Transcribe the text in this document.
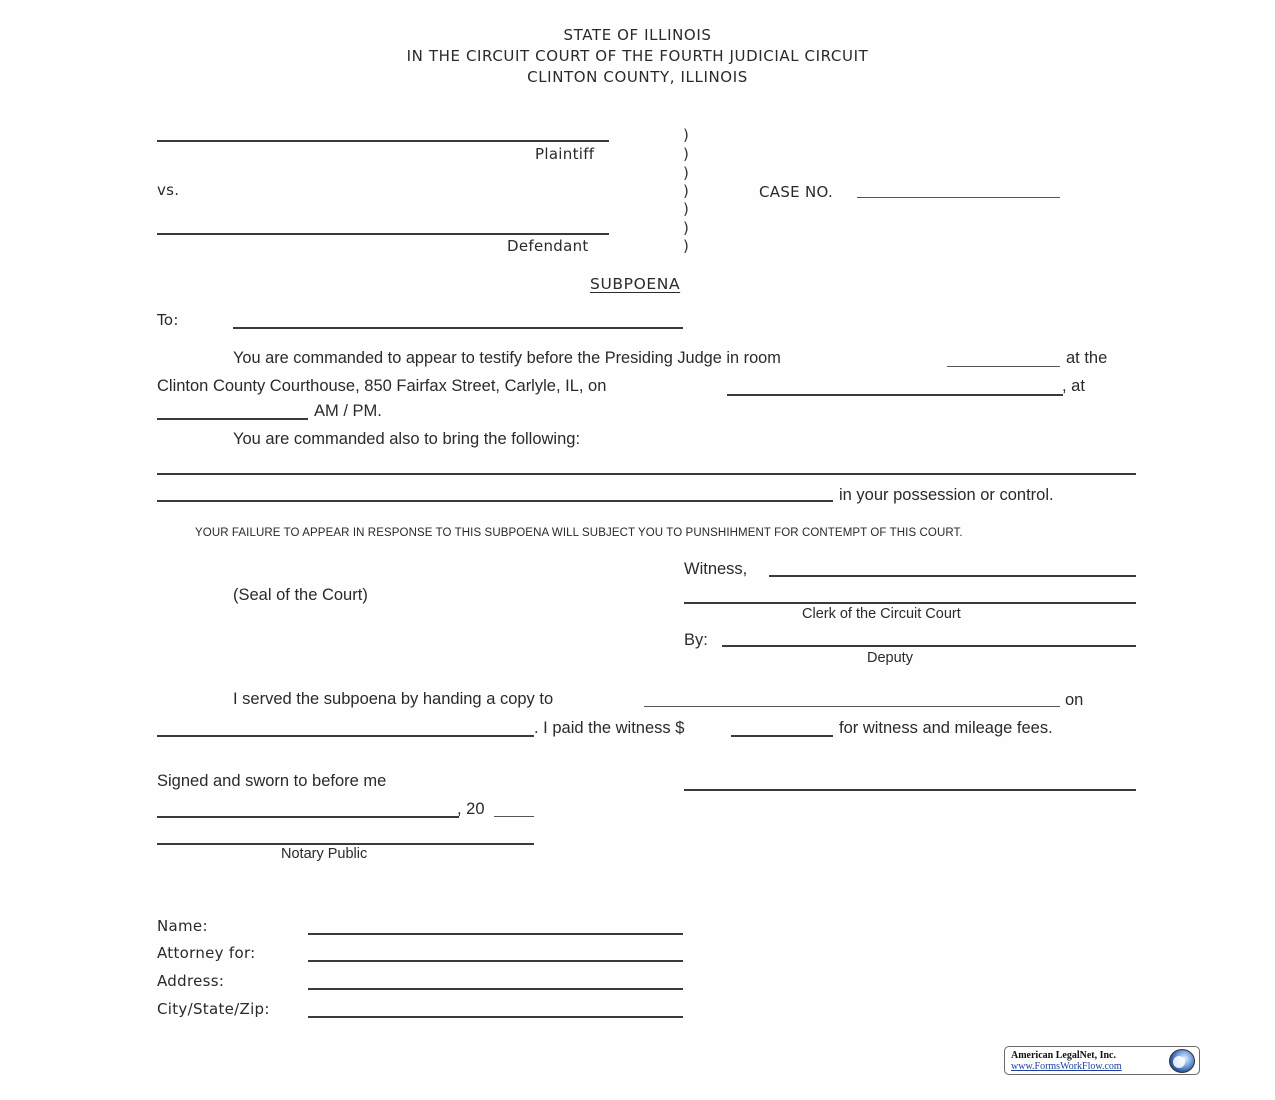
STATE OF ILLINOIS
IN THE CIRCUIT COURT OF THE FOURTH JUDICIAL CIRCUIT
CLINTON COUNTY, ILLINOIS
Plaintiff
vs.
Defendant
)
)
)
)
)
)
)
CASE NO.
SUBPOENA
To:
You are commanded to appear to testify before the Presiding Judge in room	at the
Clinton County Courthouse, 850 Fairfax Street, Carlyle, IL, on	, at
AM / PM.
You are commanded also to bring the following:
in your possession or control.
YOUR FAILURE TO APPEAR IN RESPONSE TO THIS SUBPOENA WILL SUBJECT YOU TO PUNSHIHMENT FOR CONTEMPT OF THIS COURT.
(Seal of the Court)
Witness,
Clerk of the Circuit Court
By:
Deputy
I served the subpoena by handing a copy to	on
. I paid the witness $	for witness and mileage fees.
Signed and sworn to before me
, 20
Notary Public
Name:
Attorney for:
Address:
City/State/Zip:
American LegalNet, Inc.
www.FormsWorkFlow.com
